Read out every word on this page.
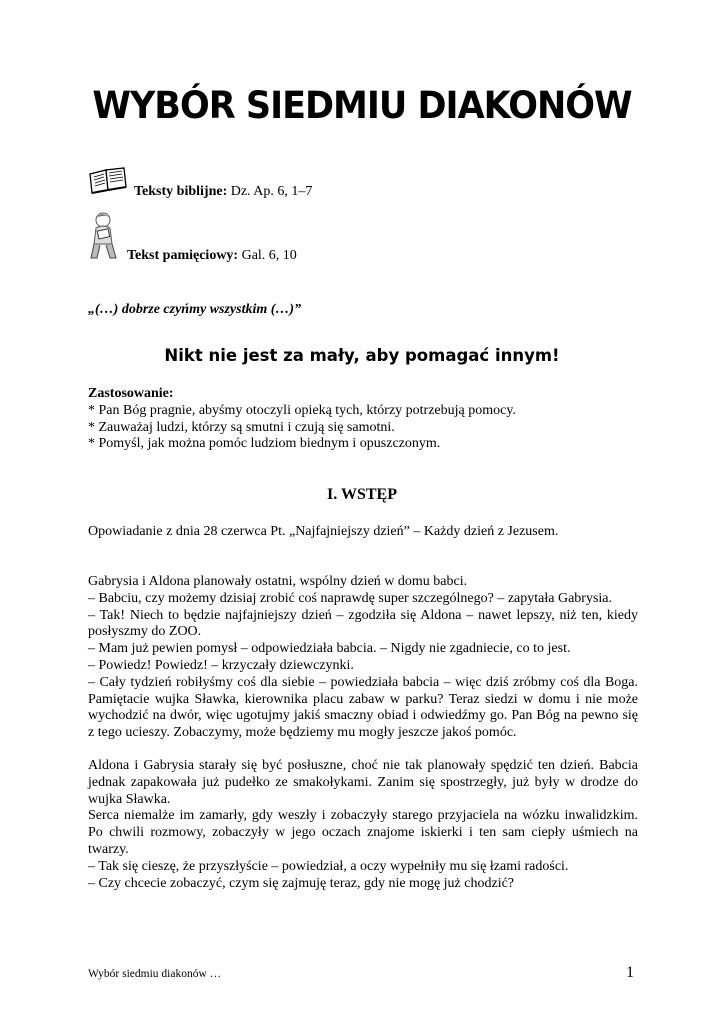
WYBÓR SIEDMIU DIAKONÓW
Teksty biblijne: Dz. Ap. 6, 1–7
Tekst pamięciowy: Gal. 6, 10
„(…) dobrze czyńmy wszystkim (…)”
Nikt nie jest za mały, aby pomagać innym!
Zastosowanie:
* Pan Bóg pragnie, abyśmy otoczyli opieką tych, którzy potrzebują pomocy.
* Zauważaj ludzi, którzy są smutni i czują się samotni.
* Pomyśl, jak można pomóc ludziom biednym i opuszczonym.
I. WSTĘP
Opowiadanie z dnia 28 czerwca Pt. „Najfajniejszy dzień” – Każdy dzień z Jezusem.

Gabrysia i Aldona planowały ostatni, wspólny dzień w domu babci.

– Babciu, czy możemy dzisiaj zrobić coś naprawdę super szczególnego? – zapytała Gabrysia.

– Tak! Niech to będzie najfajniejszy dzień – zgodziła się Aldona – nawet lepszy, niż ten, kiedy posłyszmy do ZOO.

– Mam już pewien pomysł – odpowiedziała babcia. – Nigdy nie zgadniecie, co to jest.

– Powiedz! Powiedz! – krzyczały dziewczynki.

– Cały tydzień robiłyśmy coś dla siebie – powiedziała babcia – więc dziś zróbmy coś dla Boga. Pamiętacie wujka Sławka, kierownika placu zabaw w parku? Teraz siedzi w domu i nie może wychodzić na dwór, więc ugotujmy jakiś smaczny obiad i odwiedźmy go. Pan Bóg na pewno się z tego ucieszy. Zobaczymy, może będziemy mu mogły jeszcze jakoś pomóc.

Aldona i Gabrysia starały się być posłuszne, choć nie tak planowały spędzić ten dzień. Babcia jednak zapakowała już pudełko ze smakołykami. Zanim się spostrzegły, już były w drodze do wujka Sławka.

Serca niemalże im zamarły, gdy weszły i zobaczyły starego przyjaciela na wózku inwalidzkim. Po chwili rozmowy, zobaczyły w jego oczach znajome iskierki i ten sam ciepły uśmiech na twarzy.

– Tak się cieszę, że przyszłyście – powiedział, a oczy wypełniły mu się łzami radości.

– Czy chcecie zobaczyć, czym się zajmuję teraz, gdy nie mogę już chodzić?

Wybór siedmiu diakonów …	1
